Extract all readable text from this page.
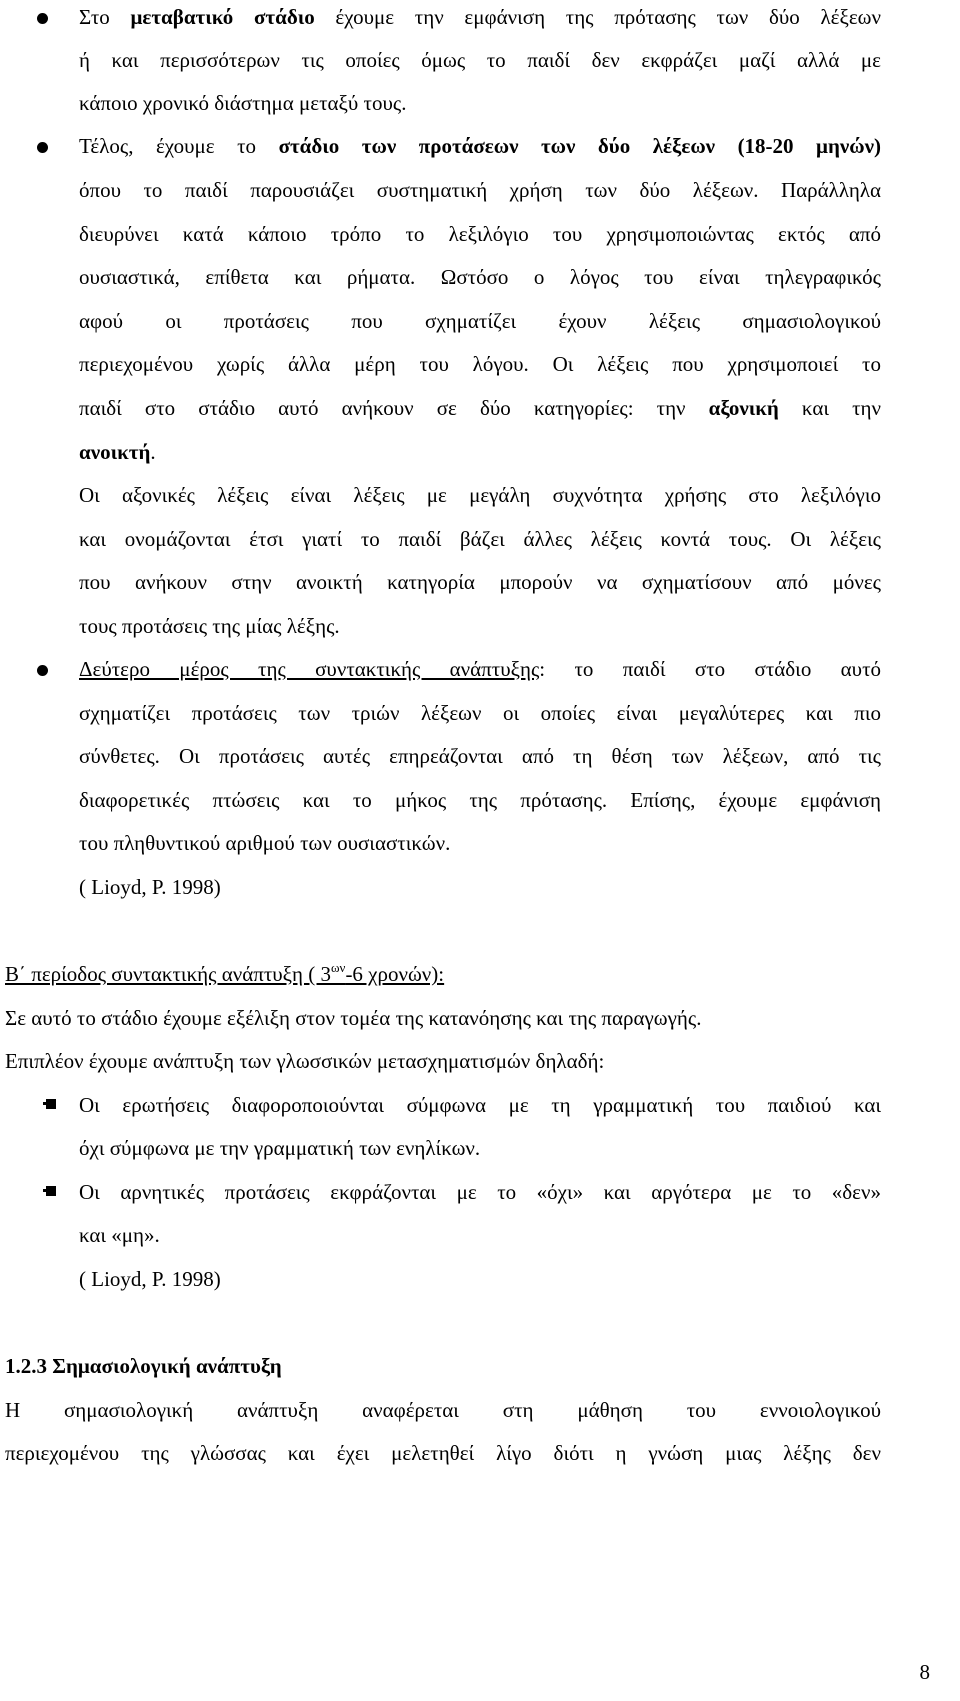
Στο μεταβατικό στάδιο έχουμε την εμφάνιση της πρότασης των δύο λέξεων
ή και περισσότερων τις οποίες όμως το παιδί δεν εκφράζει μαζί αλλά με
κάποιο χρονικό διάστημα μεταξύ τους.
Τέλος, έχουμε το στάδιο των προτάσεων των δύο λέξεων (18-20 μηνών)
όπου το παιδί παρουσιάζει συστηματική χρήση των δύο λέξεων. Παράλληλα
διευρύνει κατά κάποιο τρόπο το λεξιλόγιο του χρησιμοποιώντας εκτός από
ουσιαστικά, επίθετα και ρήματα. Ωστόσο ο λόγος του είναι τηλεγραφικός
αφού οι προτάσεις που σχηματίζει έχουν λέξεις σημασιολογικού
περιεχομένου χωρίς άλλα μέρη του λόγου. Οι λέξεις που χρησιμοποιεί το
παιδί στο στάδιο αυτό ανήκουν σε δύο κατηγορίες: την αξονική και την
ανοικτή.
Οι αξονικές λέξεις είναι λέξεις με μεγάλη συχνότητα χρήσης στο λεξιλόγιο
και ονομάζονται έτσι γιατί το παιδί βάζει άλλες λέξεις κοντά τους. Οι λέξεις
που ανήκουν στην ανοικτή κατηγορία μπορούν να σχηματίσουν από μόνες
τους προτάσεις της μίας λέξης.
Δεύτερο μέρος της συντακτικής ανάπτυξης: το παιδί στο στάδιο αυτό
σχηματίζει προτάσεις των τριών λέξεων οι οποίες είναι μεγαλύτερες και πιο
σύνθετες. Οι προτάσεις αυτές επηρεάζονται από τη θέση των λέξεων, από τις
διαφορετικές πτώσεις και το μήκος της πρότασης. Επίσης, έχουμε εμφάνιση
του πληθυντικού αριθμού των ουσιαστικών.
( Lioyd, P. 1998)
Β΄ περίοδος συντακτικής ανάπτυξη ( $3^{\omega\nu}-6$ χρονών):
Σε αυτό το στάδιο έχουμε εξέλιξη στον τομέα της κατανόησης και της παραγωγής.
Επιπλέον έχουμε ανάπτυξη των γλωσσικών μετασχηματισμών δηλαδή:
Οι ερωτήσεις διαφοροποιούνται σύμφωνα με τη γραμματική του παιδιού και
όχι σύμφωνα με την γραμματική των ενηλίκων.
Οι αρνητικές προτάσεις εκφράζονται με το «όχι» και αργότερα με το «δεν»
και «μη».
( Lioyd, P. 1998)
1.2.3 Σημασιολογική ανάπτυξη
Η σημασιολογική ανάπτυξη αναφέρεται στη μάθηση του εννοιολογικού
περιεχομένου της γλώσσας και έχει μελετηθεί λίγο διότι η γνώση μιας λέξης δεν
8
